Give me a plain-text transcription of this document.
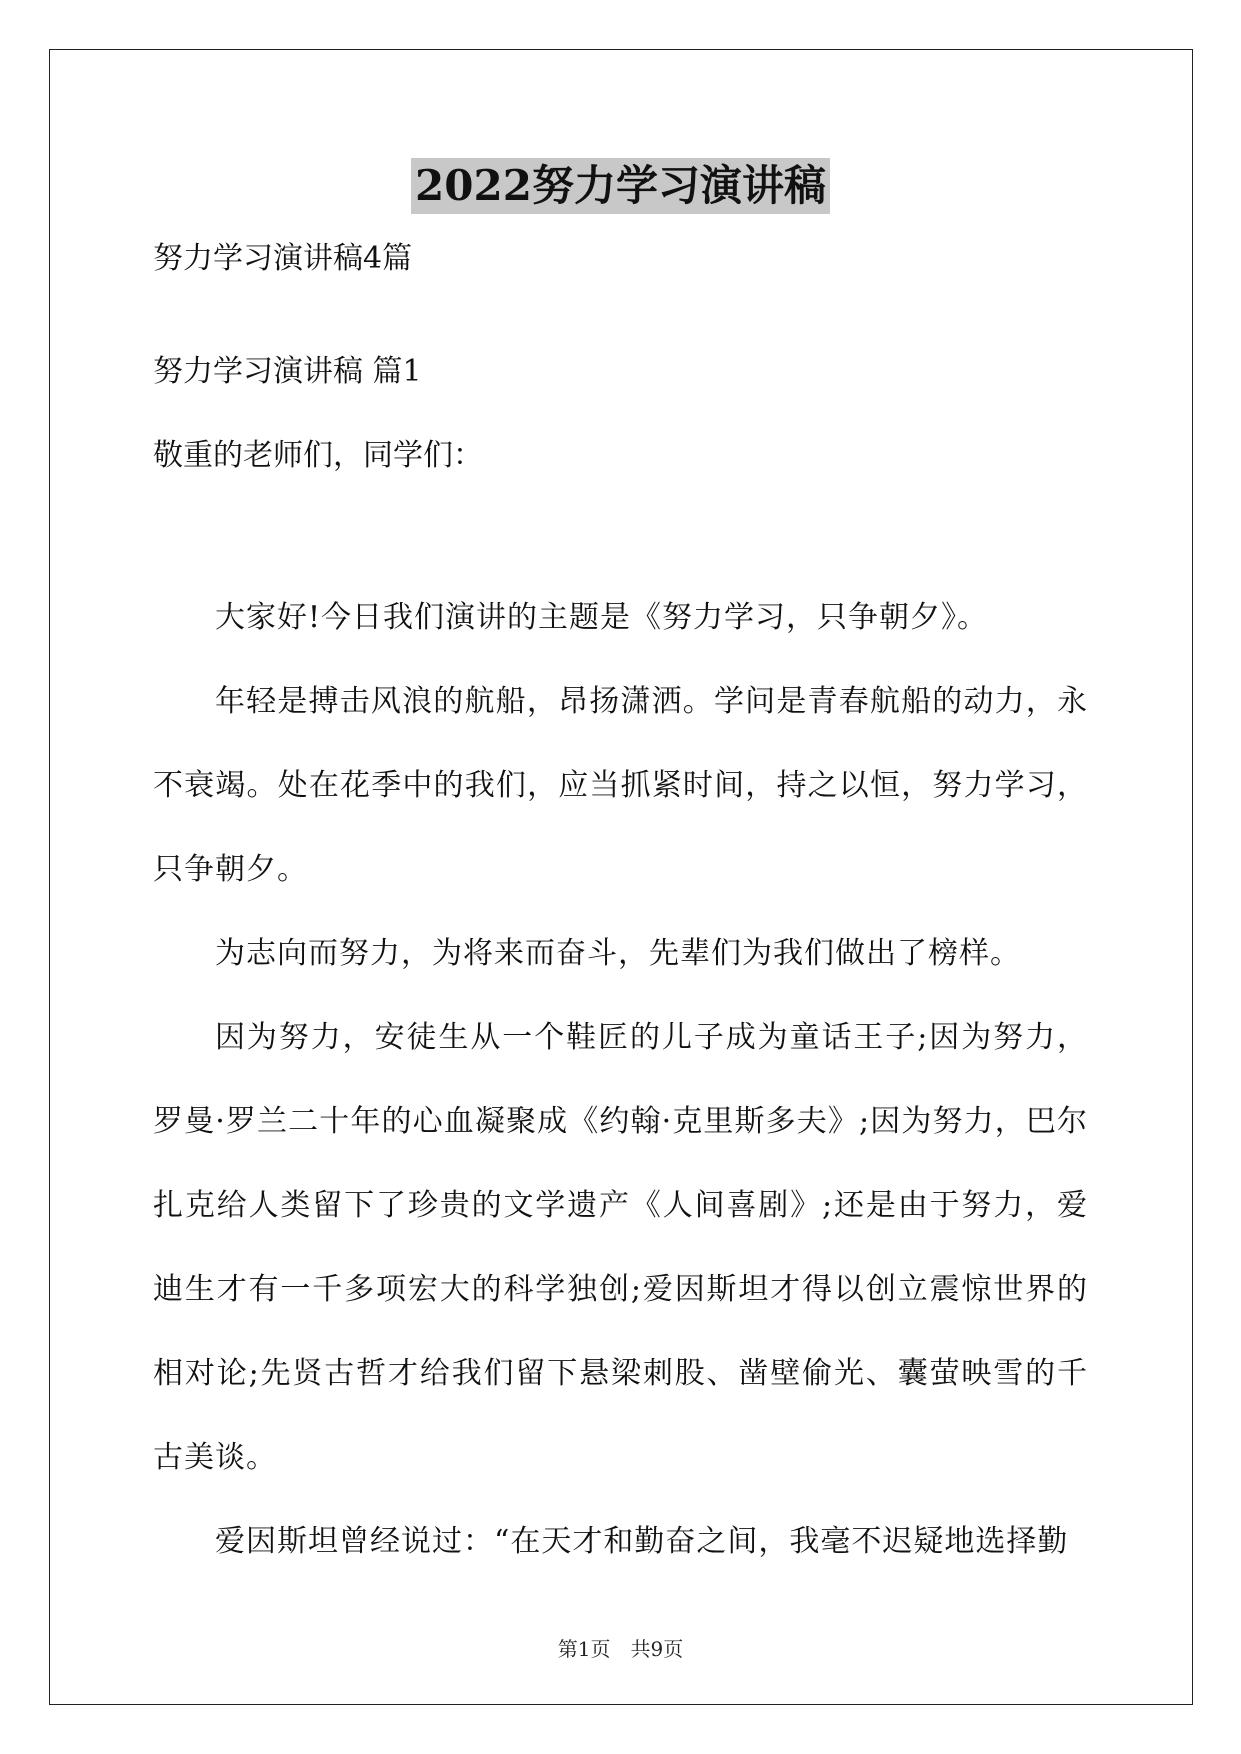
2022努力学习演讲稿
努力学习演讲稿4篇
努力学习演讲稿 篇1
敬重的老师们，同学们：

大家好!今日我们演讲的主题是《努力学习，只争朝夕》。

年轻是搏击风浪的航船，昂扬潇洒。学问是青春航船的动力，永不衰竭。处在花季中的我们，应当抓紧时间，持之以恒，努力学习，只争朝夕。

为志向而努力，为将来而奋斗，先辈们为我们做出了榜样。

因为努力，安徒生从一个鞋匠的儿子成为童话王子;因为努力，罗曼·罗兰二十年的心血凝聚成《约翰·克里斯多夫》;因为努力，巴尔扎克给人类留下了珍贵的文学遗产《人间喜剧》;还是由于努力，爱迪生才有一千多项宏大的科学独创;爱因斯坦才得以创立震惊世界的相对论;先贤古哲才给我们留下悬梁刺股、凿壁偷光、囊萤映雪的千古美谈。

爱因斯坦曾经说过：“在天才和勤奋之间，我毫不迟疑地选择勤

第1页　共9页
